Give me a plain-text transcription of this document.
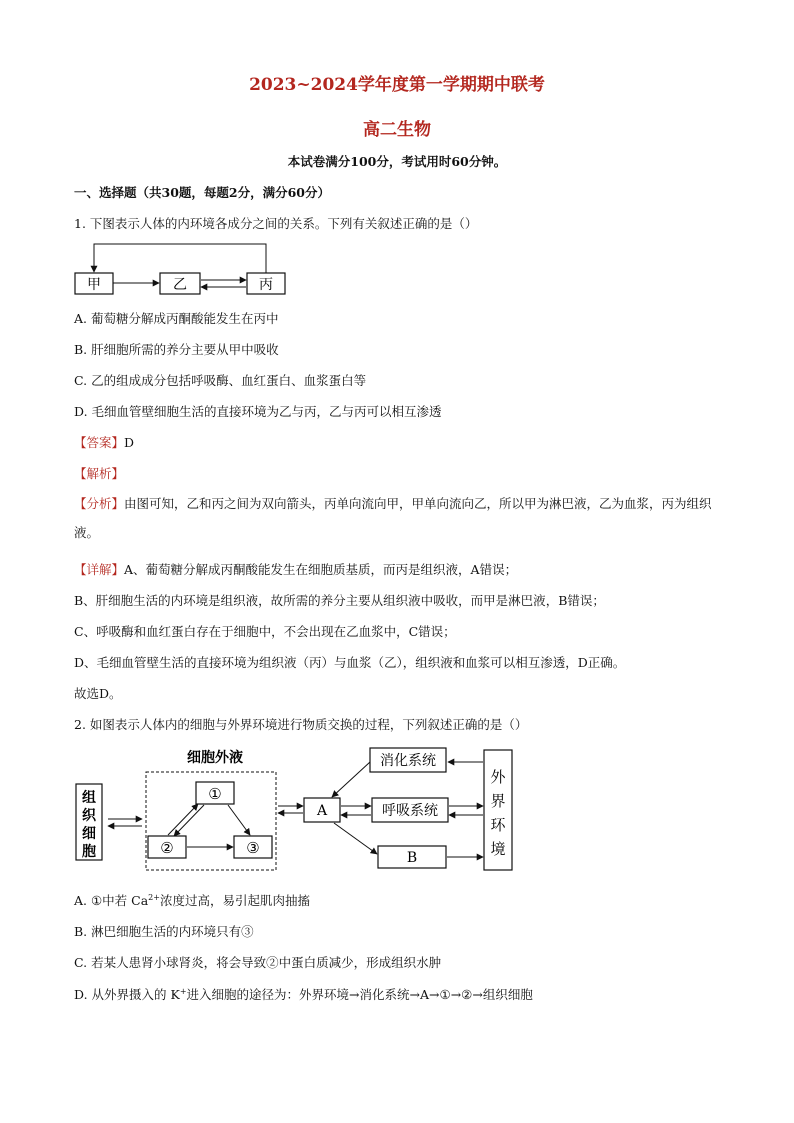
2023~2024学年度第一学期期中联考
高二生物
本试卷满分100分，考试用时60分钟。
一、选择题（共30题，每题2分，满分60分）
1. 下图表示人体的内环境各成分之间的关系。下列有关叙述正确的是（）
甲	乙	丙
A. 葡萄糖分解成丙酮酸能发生在丙中
B. 肝细胞所需的养分主要从甲中吸收
C. 乙的组成成分包括呼吸酶、血红蛋白、血浆蛋白等
D. 毛细血管壁细胞生活的直接环境为乙与丙，乙与丙可以相互渗透
【答案】D
【解析】
【分析】由图可知，乙和丙之间为双向箭头，丙单向流向甲，甲单向流向乙，所以甲为淋巴液，乙为血浆，丙为组织液。
【详解】A、葡萄糖分解成丙酮酸能发生在细胞质基质，而丙是组织液，A错误；
B、肝细胞生活的内环境是组织液，故所需的养分主要从组织液中吸收，而甲是淋巴液，B错误；
C、呼吸酶和血红蛋白存在于细胞中，不会出现在乙血浆中，C错误；
D、毛细血管壁生活的直接环境为组织液（丙）与血浆（乙），组织液和血浆可以相互渗透，D正确。
故选D。
2. 如图表示人体内的细胞与外界环境进行物质交换的过程，下列叙述正确的是（）
细胞外液
组
织
细
胞
①
②	③
A
消化系统
呼吸系统
B
外
界
环
境
A. ①中若 $Ca^{2+}$浓度过高，易引起肌肉抽搐
B. 淋巴细胞生活的内环境只有③
C. 若某人患肾小球肾炎，将会导致②中蛋白质减少，形成组织水肿
D. 从外界摄入的 K+进入细胞的途径为：外界环境→消化系统→A→①→②→组织细胞
